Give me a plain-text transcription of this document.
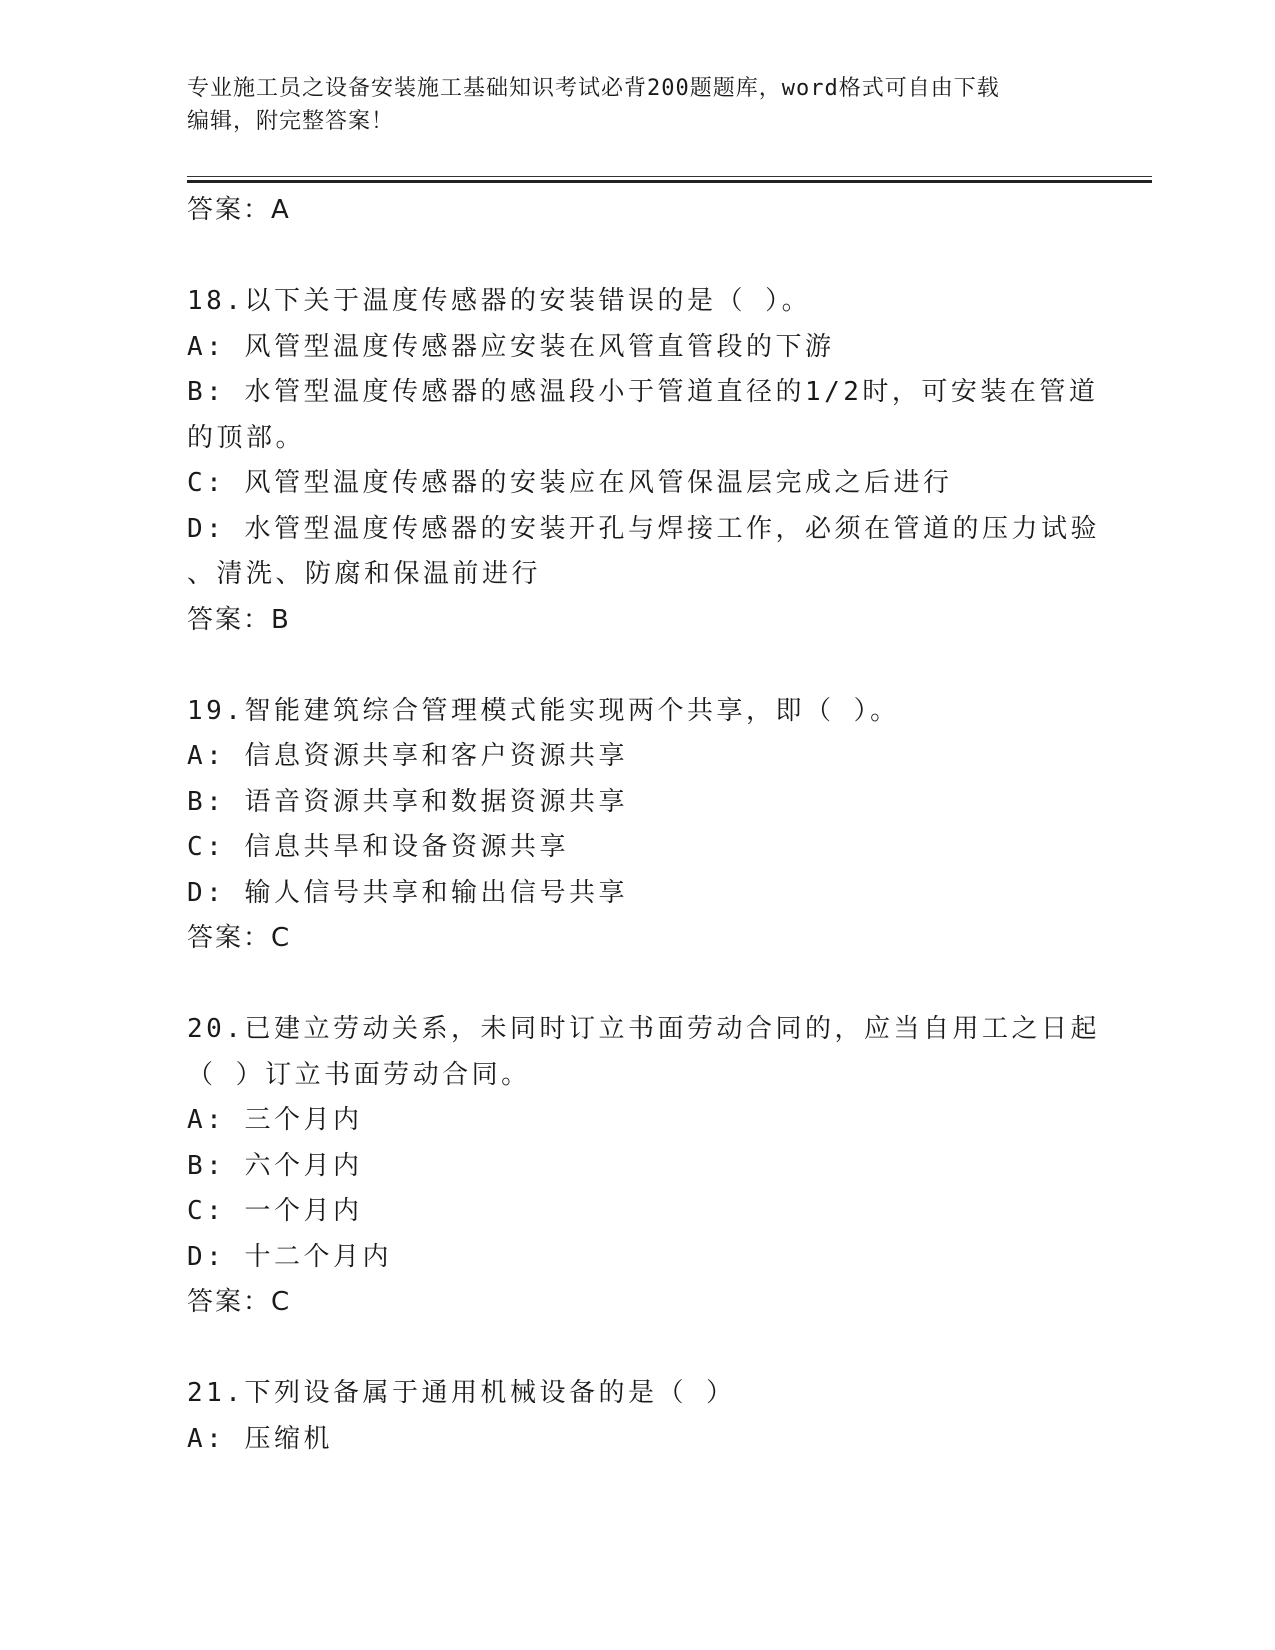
专业施工员之设备安装施工基础知识考试必背200题题库，word格式可自由下载
编辑，附完整答案！
答案：A
18.以下关于温度传感器的安装错误的是（ ）。
A: 风管型温度传感器应安装在风管直管段的下游
B: 水管型温度传感器的感温段小于管道直径的1/2时，可安装在管道
的顶部。
C: 风管型温度传感器的安装应在风管保温层完成之后进行
D: 水管型温度传感器的安装开孔与焊接工作，必须在管道的压力试验
、清洗、防腐和保温前进行
答案：B
19.智能建筑综合管理模式能实现两个共享，即（ ）。
A: 信息资源共享和客户资源共享
B: 语音资源共享和数据资源共享
C: 信息共旱和设备资源共享
D: 输人信号共享和输出信号共享
答案：C
20.已建立劳动关系，未同时订立书面劳动合同的，应当自用工之日起
（ ）订立书面劳动合同。
A: 三个月内
B: 六个月内
C: 一个月内
D: 十二个月内
答案：C
21.下列设备属于通用机械设备的是（ ）
A: 压缩机
